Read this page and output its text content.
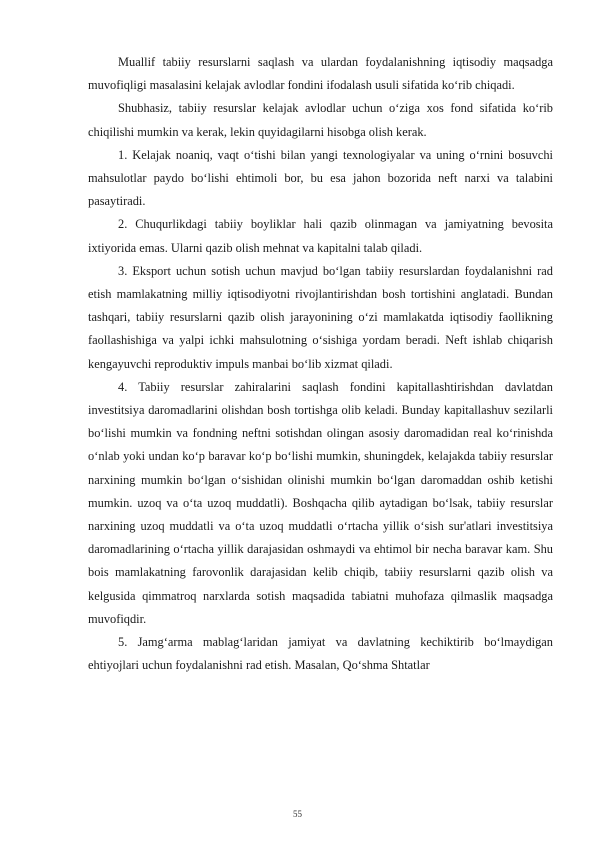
Muallif tabiiy resurslarni saqlash va ulardan foydalanishning iqtisodiy maqsadga muvofiqligi masalasini kelajak avlodlar fondini ifodalash usuli sifatida ko‘rib chiqadi.

Shubhasiz, tabiiy resurslar kelajak avlodlar uchun o‘ziga xos fond sifatida ko‘rib chiqilishi mumkin va kerak, lekin quyidagilarni hisobga olish kerak.

1. Kelajak noaniq, vaqt o‘tishi bilan yangi texnologiyalar va uning o‘rnini bosuvchi mahsulotlar paydo bo‘lishi ehtimoli bor, bu esa jahon bozorida neft narxi va talabini pasaytiradi.

2. Chuqurlikdagi tabiiy boyliklar hali qazib olinmagan va jamiyatning bevosita ixtiyorida emas. Ularni qazib olish mehnat va kapitalni talab qiladi.

3. Eksport uchun sotish uchun mavjud bo‘lgan tabiiy resurslardan foydalanishni rad etish mamlakatning milliy iqtisodiyotni rivojlantirishdan bosh tortishini anglatadi. Bundan tashqari, tabiiy resurslarni qazib olish jarayonining o‘zi mamlakatda iqtisodiy faollikning faollashishiga va yalpi ichki mahsulotning o‘sishiga yordam beradi. Neft ishlab chiqarish kengayuvchi reproduktiv impuls manbai bo‘lib xizmat qiladi.

4. Tabiiy resurslar zahiralarini saqlash fondini kapitallashtirishdan davlatdan investitsiya daromadlarini olishdan bosh tortishga olib keladi. Bunday kapitallashuv sezilarli bo‘lishi mumkin va fondning neftni sotishdan olingan asosiy daromadidan real ko‘rinishda o‘nlab yoki undan ko‘p baravar ko‘p bo‘lishi mumkin, shuningdek, kelajakda tabiiy resurslar narxining mumkin bo‘lgan o‘sishidan olinishi mumkin bo‘lgan daromaddan oshib ketishi mumkin. uzoq va o‘ta uzoq muddatli). Boshqacha qilib aytadigan bo‘lsak, tabiiy resurslar narxining uzoq muddatli va o‘ta uzoq muddatli o‘rtacha yillik o‘sish sur'atlari investitsiya daromadlarining o‘rtacha yillik darajasidan oshmaydi va ehtimol bir necha baravar kam. Shu bois mamlakatning farovonlik darajasidan kelib chiqib, tabiiy resurslarni qazib olish va kelgusida qimmatroq narxlarda sotish maqsadida tabiatni muhofaza qilmaslik maqsadga muvofiqdir.

5. Jamg‘arma mablag‘laridan jamiyat va davlatning kechiktirib bo‘lmaydigan ehtiyojlari uchun foydalanishni rad etish. Masalan, Qo‘shma Shtatlar

55
